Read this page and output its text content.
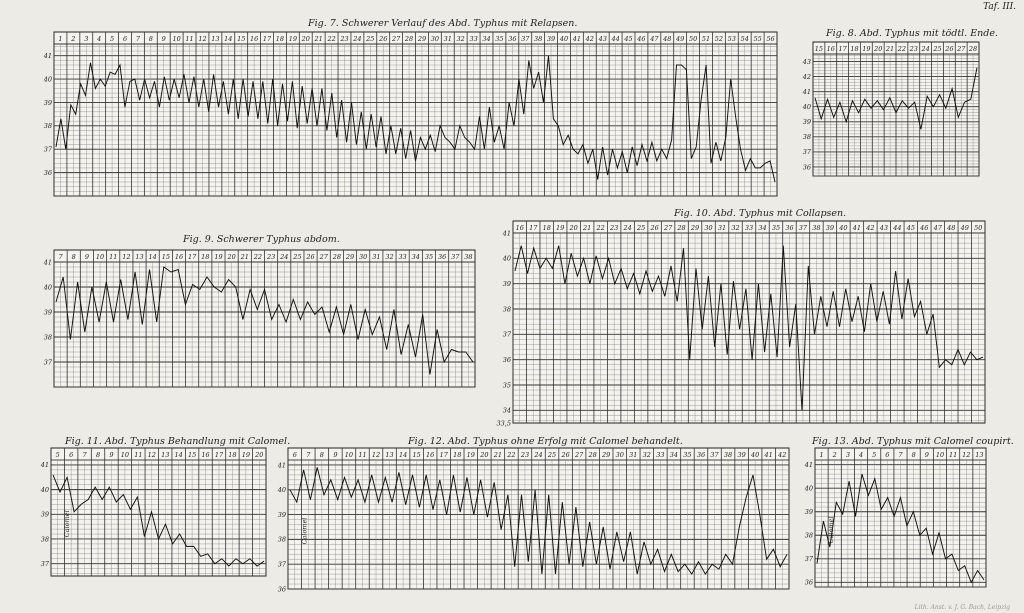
Taf. III.
Fig. 7. Schwerer Verlauf des Abd. Typhus mit Relapsen.
1 2 3 4 5 6 7 8 9 10 11 12 13 14 15 16 17 18 19 20 21 22 23 24 25 26 27 28 29 30 31 32 33 34 35 36 37 38 39 40 41 42 43 44 45 46 47 48 49 50 51 52 53 54 55 56
36
37
38
39
40
41
Fig. 8. Abd. Typhus mit tödtl. Ende.
15 16 17 18 19 20 21 22 23 24 25 26 27 28
36
37
38
39
40
41
42
43
Fig. 9. Schwerer Typhus abdom.
7 8 9 10 11 12 13 14 15 16 17 18 19 20 21 22 23 24 25 26 27 28 29 30 31 32 33 34 35 36 37 38
37
38
39
40
41
Fig. 10. Abd. Typhus mit Collapsen.
16 17 18 19 20 21 22 23 24 25 26 27 28 29 30 31 32 33 34 35 36 37 38 39 40 41 42 43 44 45 46 47 48 49 50
33,5
34
35
36
37
38
39
40
41
Fig. 11. Abd. Typhus Behandlung mit Calomel.
5 6 7 8 9 10 11 12 13 14 15 16 17 18 19 20
37
38
39
40
41
Calomel
Fig. 12. Abd. Typhus ohne Erfolg mit Calomel behandelt.
6 7 8 9 10 11 12 13 14 15 16 17 18 19 20 21 22 23 24 25 26 27 28 29 30 31 32 33 34 35 36 37 38 39 40 41 42
36
37
38
39
40
41
Calomel
Fig. 13. Abd. Typhus mit Calomel coupirt.
1 2 3 4 5 6 7 8 9 10 11 12 13
36
37
38
39
40
41
Calomel
Lith. Anst. v. J. G. Bach, Leipzig
